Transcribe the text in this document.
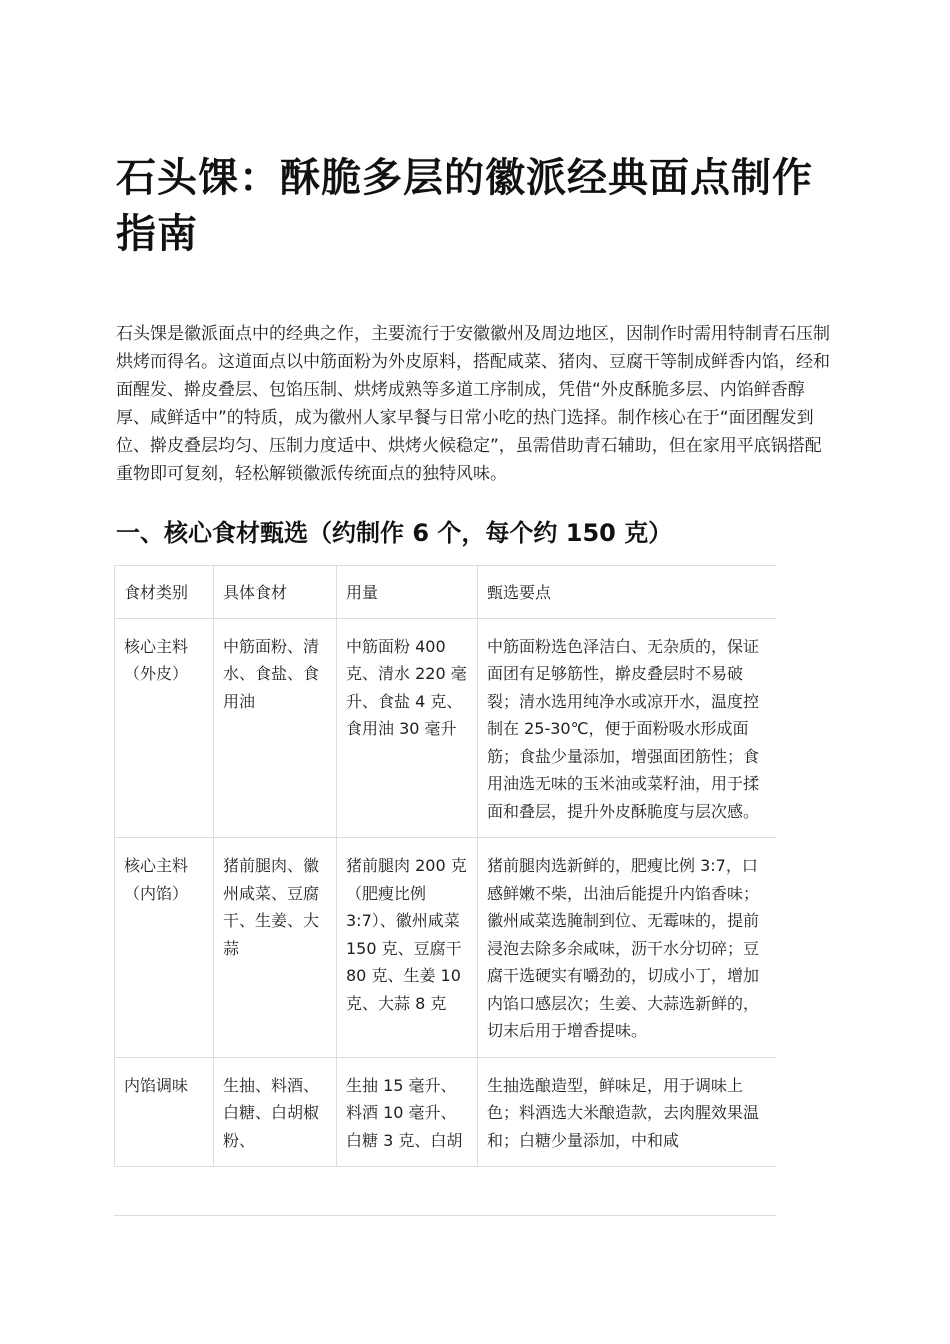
石头馃：酥脆多层的徽派经典面点制作指南

石头馃是徽派面点中的经典之作，主要流行于安徽徽州及周边地区，因制作时需用特制青石压制烘烤而得名。这道面点以中筋面粉为外皮原料，搭配咸菜、猪肉、豆腐干等制成鲜香内馅，经和面醒发、擀皮叠层、包馅压制、烘烤成熟等多道工序制成，凭借“外皮酥脆多层、内馅鲜香醇厚、咸鲜适中”的特质，成为徽州人家早餐与日常小吃的热门选择。制作核心在于“面团醒发到位、擀皮叠层均匀、压制力度适中、烘烤火候稳定”，虽需借助青石辅助，但在家用平底锅搭配重物即可复刻，轻松解锁徽派传统面点的独特风味。

一、核心食材甄选（约制作 6 个，每个约 150 克）
食材类别	具体食材	用量	甄选要点
核心主料（外皮）	中筋面粉、清水、食盐、食用油	中筋面粉 400 克、清水 220 毫升、食盐 4 克、食用油 30 毫升	中筋面粉选色泽洁白、无杂质的，保证面团有足够筋性，擀皮叠层时不易破裂；清水选用纯净水或凉开水，温度控制在 25-30℃，便于面粉吸水形成面筋；食盐少量添加，增强面团筋性；食用油选无味的玉米油或菜籽油，用于揉面和叠层，提升外皮酥脆度与层次感。
核心主料（内馅）	猪前腿肉、徽州咸菜、豆腐干、生姜、大蒜	猪前腿肉 200 克（肥瘦比例 3:7）、徽州咸菜 150 克、豆腐干 80 克、生姜 10 克、大蒜 8 克	猪前腿肉选新鲜的，肥瘦比例 3:7，口感鲜嫩不柴，出油后能提升内馅香味；徽州咸菜选腌制到位、无霉味的，提前浸泡去除多余咸味，沥干水分切碎；豆腐干选硬实有嚼劲的，切成小丁，增加内馅口感层次；生姜、大蒜选新鲜的，切末后用于增香提味。
内馅调味	生抽、料酒、白糖、白胡椒粉、	生抽 15 毫升、料酒 10 毫升、白糖 3 克、白胡	生抽选酿造型，鲜味足，用于调味上色；料酒选大米酿造款，去肉腥效果温和；白糖少量添加，中和咸
